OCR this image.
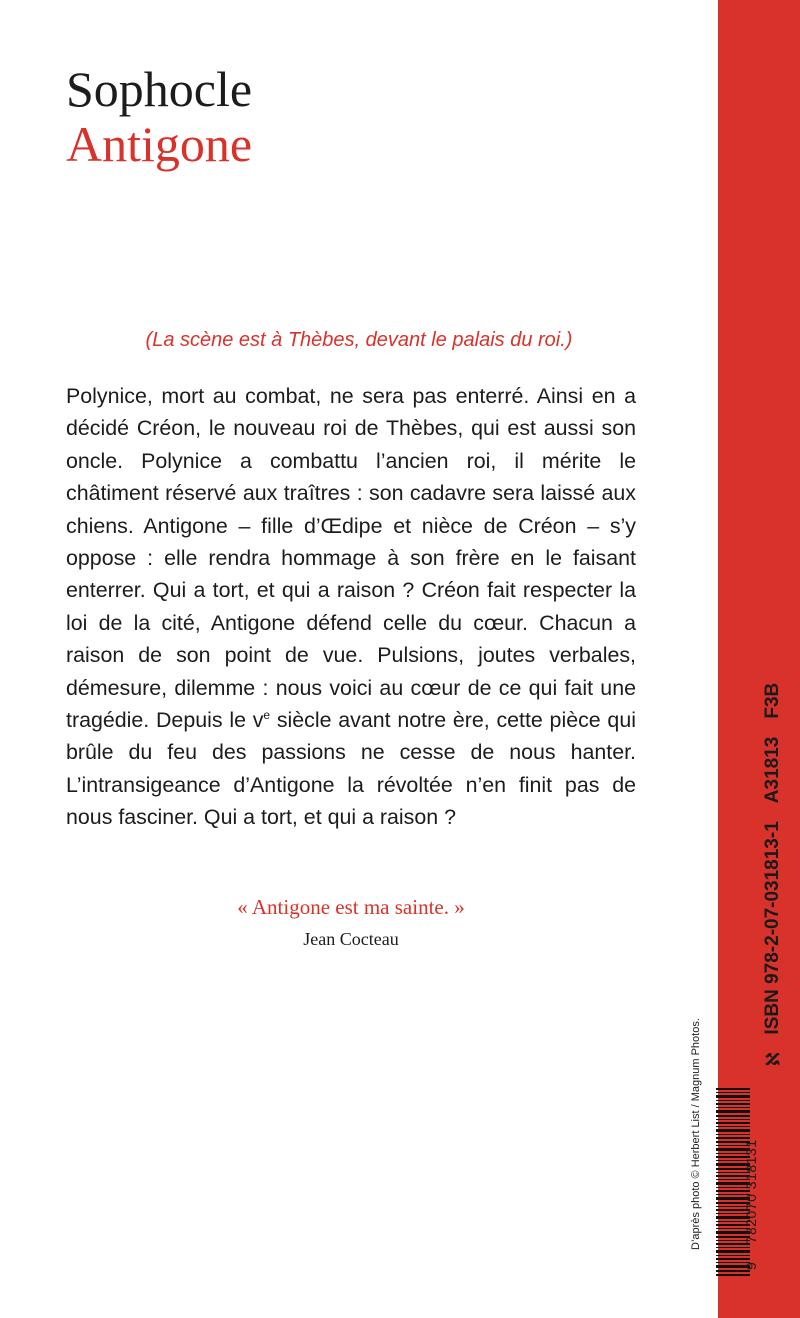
Sophocle
Antigone
(La scène est à Thèbes, devant le palais du roi.)
Polynice, mort au combat, ne sera pas enterré. Ainsi en a décidé Créon, le nouveau roi de Thèbes, qui est aussi son oncle. Polynice a combattu l’ancien roi, il mérite le châtiment réservé aux traîtres : son cadavre sera laissé aux chiens. Antigone – fille d’Œdipe et nièce de Créon – s’y oppose : elle rendra hommage à son frère en le faisant enterrer. Qui a tort, et qui a raison ? Créon fait respecter la loi de la cité, Antigone défend celle du cœur. Chacun a raison de son point de vue. Pulsions, joutes verbales, démesure, dilemme : nous voici au cœur de ce qui fait une tragédie. Depuis le $v^e$ siècle avant notre ère, cette pièce qui brûle du feu des passions ne cesse de nous hanter. L’intransigeance d’Antigone la révoltée n’en finit pas de nous fasciner. Qui a tort, et qui a raison ?
« Antigone est ma sainte. »
Jean Cocteau
D’après photo © Herbert List / Magnum Photos.
9 782070 318131
ℵ
ISBN 978-2-07-031813-1
A31813
F3B
